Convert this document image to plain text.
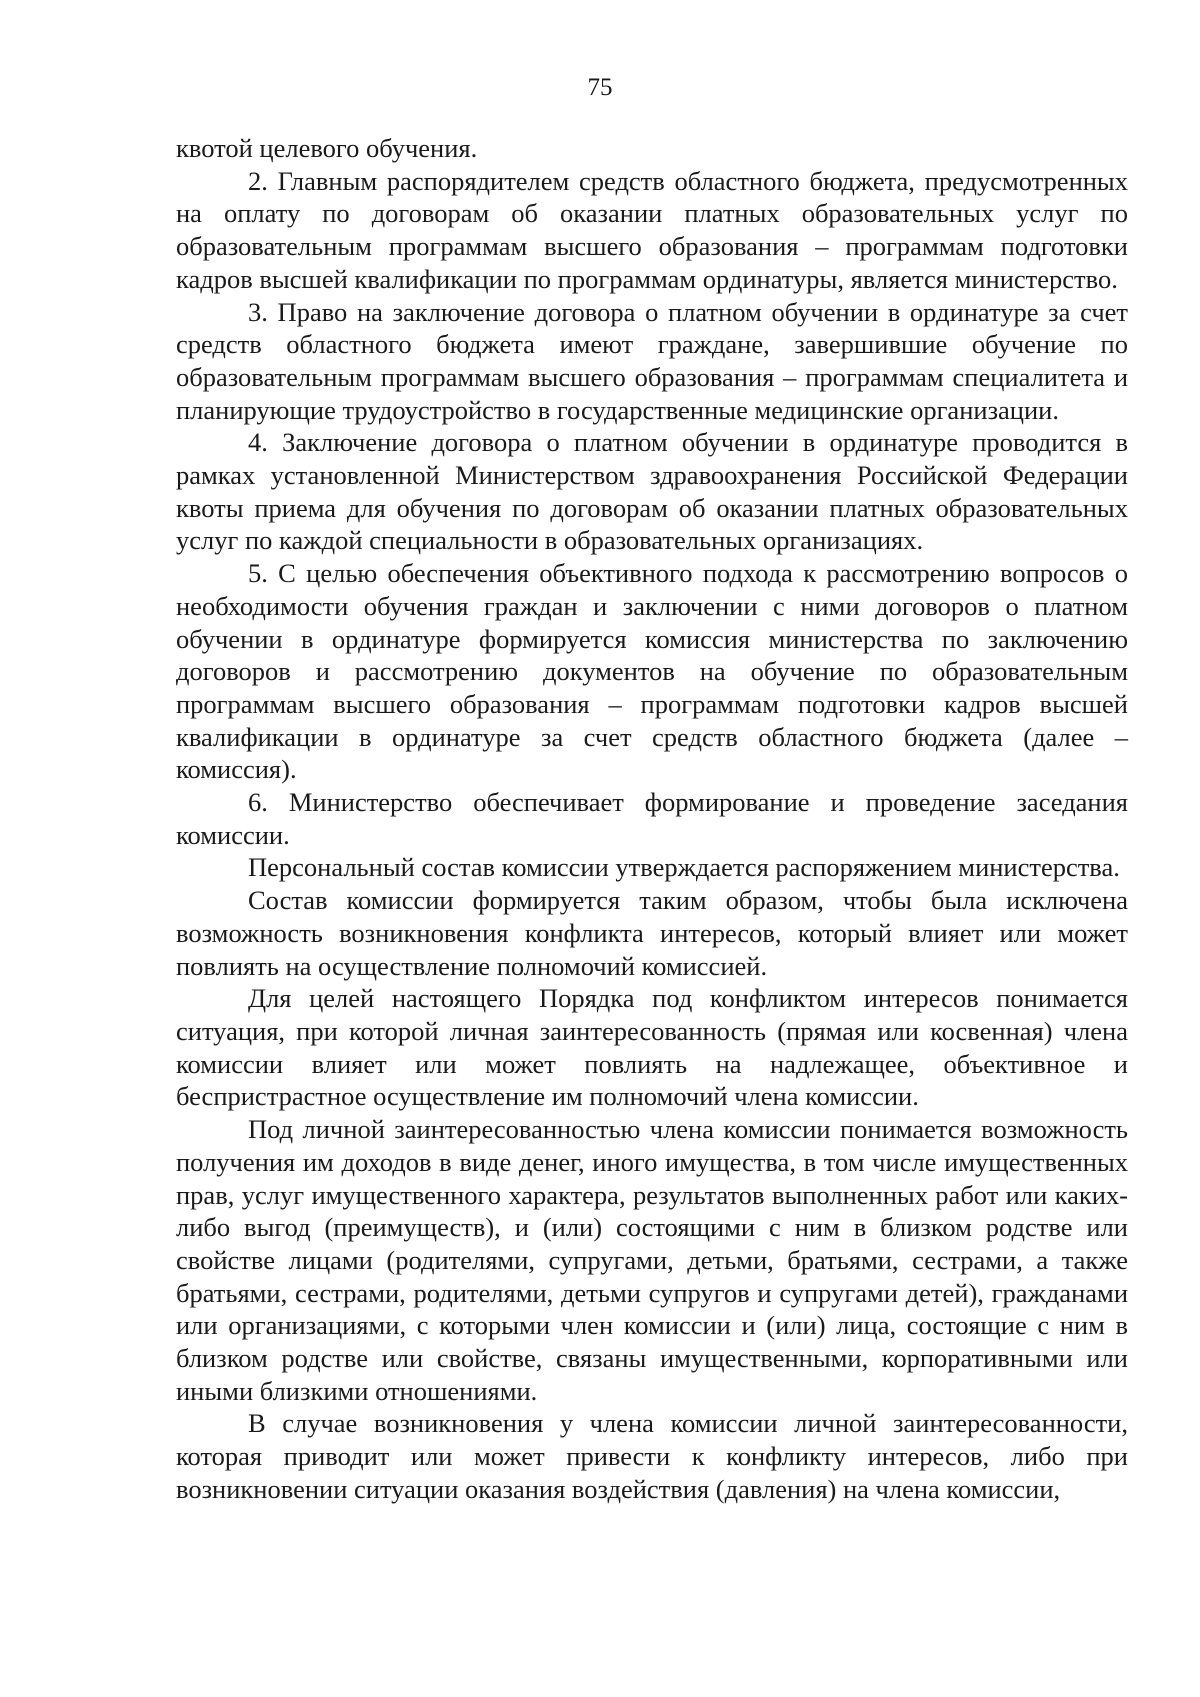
75

квотой целевого обучения.

2. Главным распорядителем средств областного бюджета, предусмотренных на оплату по договорам об оказании платных образовательных услуг по образовательным программам высшего образования – программам подготовки кадров высшей квалификации по программам ординатуры, является министерство.

3. Право на заключение договора о платном обучении в ординатуре за счет средств областного бюджета имеют граждане, завершившие обучение по образовательным программам высшего образования – программам специалитета и планирующие трудоустройство в государственные медицинские организации.

4. Заключение договора о платном обучении в ординатуре проводится в рамках установленной Министерством здравоохранения Российской Федерации квоты приема для обучения по договорам об оказании платных образовательных услуг по каждой специальности в образовательных организациях.

5. С целью обеспечения объективного подхода к рассмотрению вопросов о необходимости обучения граждан и заключении с ними договоров о платном обучении в ординатуре формируется комиссия министерства по заключению договоров и рассмотрению документов на обучение по образовательным программам высшего образования – программам подготовки кадров высшей квалификации в ординатуре за счет средств областного бюджета (далее – комиссия).

6. Министерство обеспечивает формирование и проведение заседания комиссии.

Персональный состав комиссии утверждается распоряжением министерства.

Состав комиссии формируется таким образом, чтобы была исключена возможность возникновения конфликта интересов, который влияет или может повлиять на осуществление полномочий комиссией.

Для целей настоящего Порядка под конфликтом интересов понимается ситуация, при которой личная заинтересованность (прямая или косвенная) члена комиссии влияет или может повлиять на надлежащее, объективное и беспристрастное осуществление им полномочий члена комиссии.

Под личной заинтересованностью члена комиссии понимается возможность получения им доходов в виде денег, иного имущества, в том числе имущественных прав, услуг имущественного характера, результатов выполненных работ или каких-либо выгод (преимуществ), и (или) состоящими с ним в близком родстве или свойстве лицами (родителями, супругами, детьми, братьями, сестрами, а также братьями, сестрами, родителями, детьми супругов и супругами детей), гражданами или организациями, с которыми член комиссии и (или) лица, состоящие с ним в близком родстве или свойстве, связаны имущественными, корпоративными или иными близкими отношениями.

В случае возникновения у члена комиссии личной заинтересованности, которая приводит или может привести к конфликту интересов, либо при возникновении ситуации оказания воздействия (давления) на члена комиссии,
